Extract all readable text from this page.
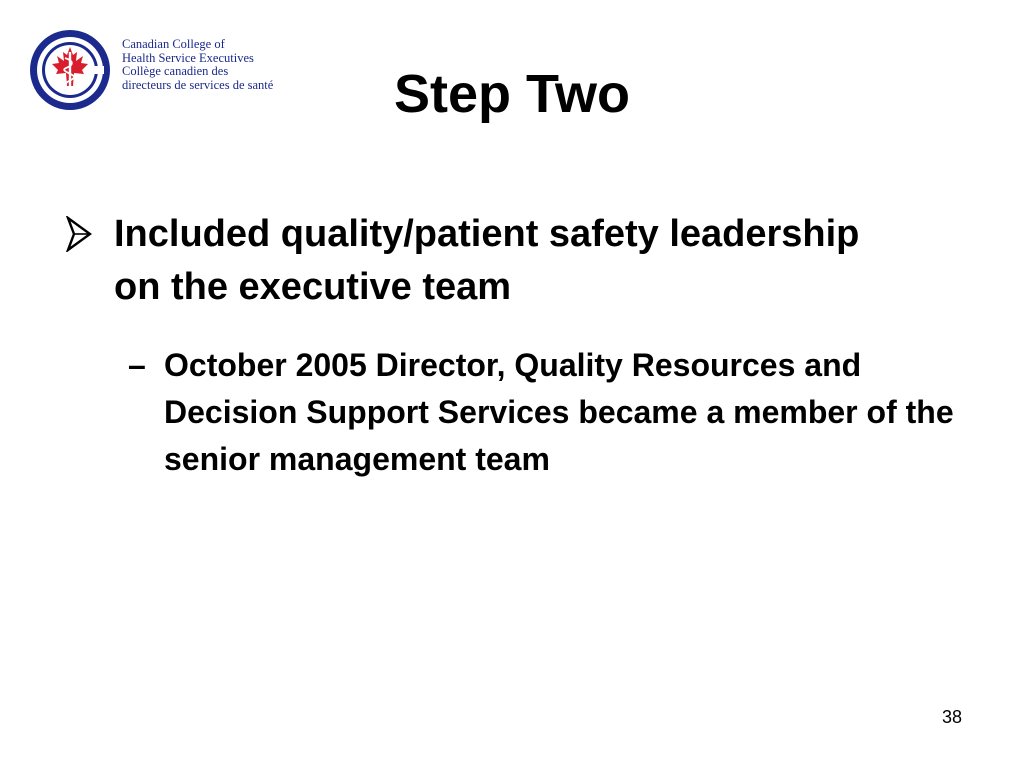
Canadian College of
Health Service Executives
Collège canadien des
directeurs de services de santé	Step Two
Included quality/patient safety leadership on the executive team
– October 2005 Director, Quality Resources and Decision Support Services became a member of the senior management team
38
